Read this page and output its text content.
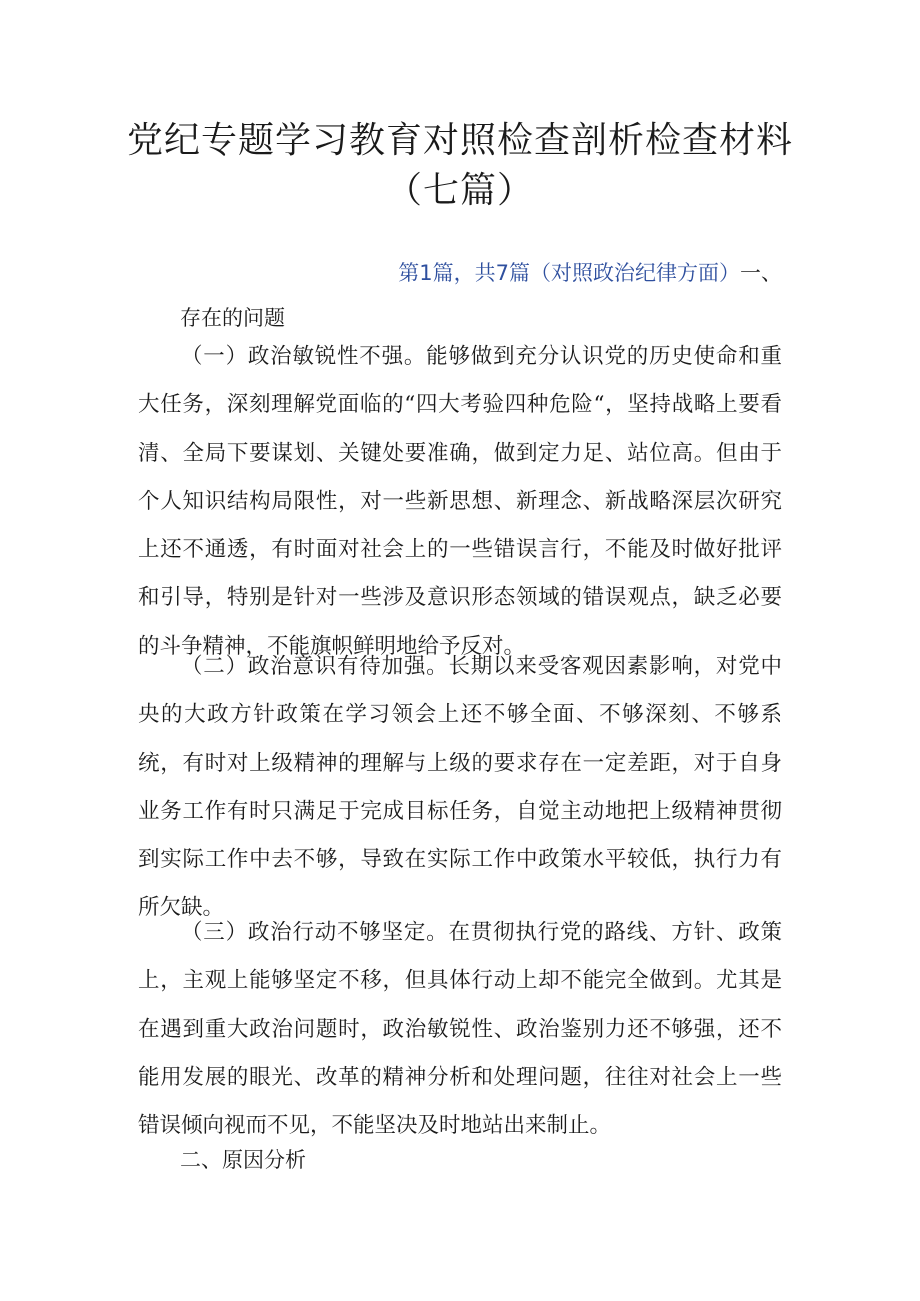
党纪专题学习教育对照检查剖析检查材料
（七篇）
第1篇，共7篇（对照政治纪律方面）一、
存在的问题

（一）政治敏锐性不强。能够做到充分认识党的历史使命和重大任务，深刻理解党面临的“四大考验四种危险“，坚持战略上要看清、全局下要谋划、关键处要准确，做到定力足、站位高。但由于个人知识结构局限性，对一些新思想、新理念、新战略深层次研究上还不通透，有时面对社会上的一些错误言行，不能及时做好批评和引导，特别是针对一些涉及意识形态领域的错误观点，缺乏必要的斗争精神，不能旗帜鲜明地给予反对。

（二）政治意识有待加强。长期以来受客观因素影响，对党中央的大政方针政策在学习领会上还不够全面、不够深刻、不够系统，有时对上级精神的理解与上级的要求存在一定差距，对于自身业务工作有时只满足于完成目标任务，自觉主动地把上级精神贯彻到实际工作中去不够，导致在实际工作中政策水平较低，执行力有所欠缺。

（三）政治行动不够坚定。在贯彻执行党的路线、方针、政策上，主观上能够坚定不移，但具体行动上却不能完全做到。尤其是在遇到重大政治问题时，政治敏锐性、政治鉴别力还不够强，还不能用发展的眼光、改革的精神分析和处理问题，往往对社会上一些错误倾向视而不见，不能坚决及时地站出来制止。

二、原因分析
